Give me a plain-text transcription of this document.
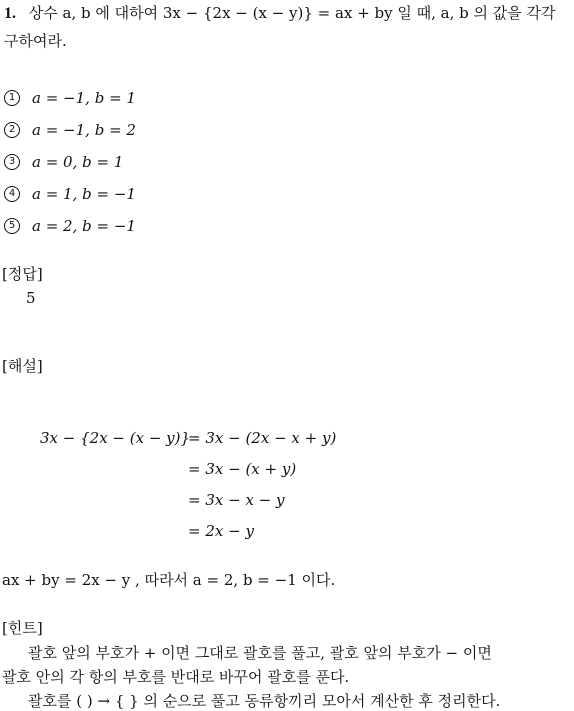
1. 상수 a, b 에 대하여 3x − {2x − (x − y)} = ax + by 일 때, a, b 의 값을 각각
구하여라.
1	a = −1, b = 1
2	a = −1, b = 2
3	a = 0, b = 1
4	a = 1, b = −1
5	a = 2, b = −1
[정답]
5
[해설]
3x − {2x − (x − y)}
= 3x − (2x − x + y)
= 3x − (x + y)
= 3x − x − y
= 2x − y
ax + by = 2x − y , 따라서 a = 2, b = −1 이다.
[힌트]
괄호 앞의 부호가 + 이면 그대로 괄호를 풀고, 괄호 앞의 부호가 − 이면
괄호 안의 각 항의 부호를 반대로 바꾸어 괄호를 푼다.
괄호를 ( ) → { } 의 순으로 풀고 동류항끼리 모아서 계산한 후 정리한다.
